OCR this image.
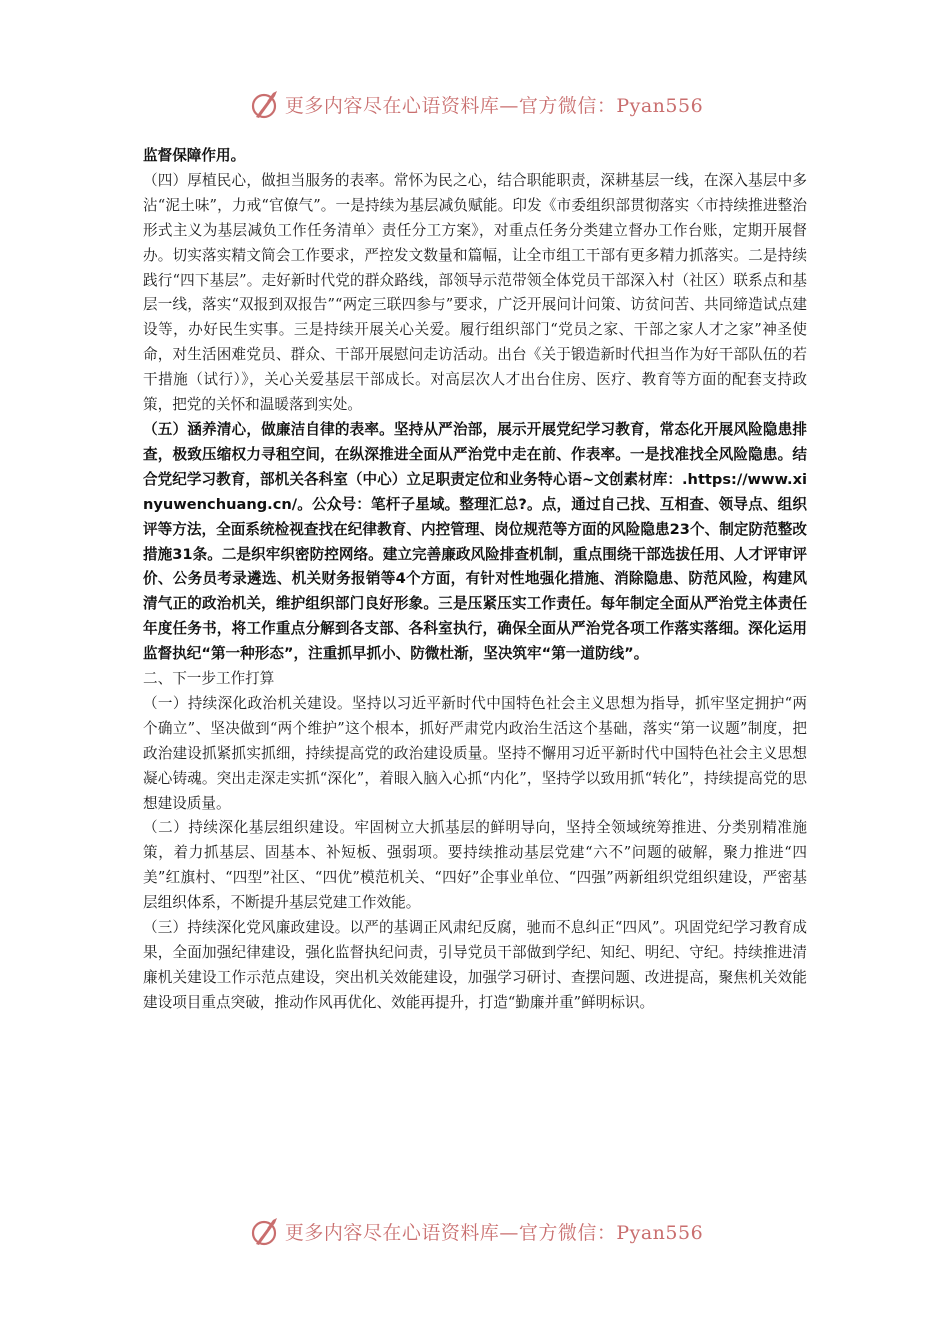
更多内容尽在心语资料库—官方微信：Pyan556

监督保障作用。

（四）厚植民心，做担当服务的表率。常怀为民之心，结合职能职责，深耕基层一线，在深入基层中多沾“泥土味”，力戒“官僚气”。一是持续为基层减负赋能。印发《市委组织部贯彻落实〈市持续推进整治形式主义为基层减负工作任务清单〉责任分工方案》，对重点任务分类建立督办工作台账，定期开展督办。切实落实精文简会工作要求，严控发文数量和篇幅，让全市组工干部有更多精力抓落实。二是持续践行“四下基层”。走好新时代党的群众路线，部领导示范带领全体党员干部深入村（社区）联系点和基层一线，落实“双报到双报告”“两定三联四参与”要求，广泛开展问计问策、访贫问苦、共同缔造试点建设等，办好民生实事。三是持续开展关心关爱。履行组织部门“党员之家、干部之家人才之家”神圣使命，对生活困难党员、群众、干部开展慰问走访活动。出台《关于锻造新时代担当作为好干部队伍的若干措施（试行）》，关心关爱基层干部成长。对高层次人才出台住房、医疗、教育等方面的配套支持政策，把党的关怀和温暖落到实处。

（五）涵养清心，做廉洁自律的表率。坚持从严治部，展示开展党纪学习教育，常态化开展风险隐患排查，极致压缩权力寻租空间，在纵深推进全面从严治党中走在前、作表率。一是找准找全风险隐患。结合党纪学习教育，部机关各科室（中心）立足职责定位和业务特心语~文创素材库：.https://www.xinyuwenchuang.cn/。公众号：笔杆子星域。整理汇总?。点，通过自己找、互相查、领导点、组织评等方法，全面系统检视查找在纪律教育、内控管理、岗位规范等方面的风险隐患23个、制定防范整改措施31条。二是织牢织密防控网络。建立完善廉政风险排查机制，重点围绕干部选拔任用、人才评审评价、公务员考录遴选、机关财务报销等4个方面，有针对性地强化措施、消除隐患、防范风险，构建风清气正的政治机关，维护组织部门良好形象。三是压紧压实工作责任。每年制定全面从严治党主体责任年度任务书，将工作重点分解到各支部、各科室执行，确保全面从严治党各项工作落实落细。深化运用监督执纪“第一种形态”，注重抓早抓小、防微杜渐，坚决筑牢“第一道防线”。

二、下一步工作打算

（一）持续深化政治机关建设。坚持以习近平新时代中国特色社会主义思想为指导，抓牢坚定拥护“两个确立”、坚决做到“两个维护”这个根本，抓好严肃党内政治生活这个基础，落实“第一议题”制度，把政治建设抓紧抓实抓细，持续提高党的政治建设质量。坚持不懈用习近平新时代中国特色社会主义思想凝心铸魂。突出走深走实抓“深化”，着眼入脑入心抓“内化”，坚持学以致用抓“转化”，持续提高党的思想建设质量。

（二）持续深化基层组织建设。牢固树立大抓基层的鲜明导向，坚持全领域统筹推进、分类别精准施策，着力抓基层、固基本、补短板、强弱项。要持续推动基层党建“六不”问题的破解，聚力推进“四美”红旗村、“四型”社区、“四优”模范机关、“四好”企事业单位、“四强”两新组织党组织建设，严密基层组织体系，不断提升基层党建工作效能。

（三）持续深化党风廉政建设。以严的基调正风肃纪反腐，驰而不息纠正“四风”。巩固党纪学习教育成果，全面加强纪律建设，强化监督执纪问责，引导党员干部做到学纪、知纪、明纪、守纪。持续推进清廉机关建设工作示范点建设，突出机关效能建设，加强学习研讨、查摆问题、改进提高，聚焦机关效能建设项目重点突破，推动作风再优化、效能再提升，打造“勤廉并重”鲜明标识。

更多内容尽在心语资料库—官方微信：Pyan556
